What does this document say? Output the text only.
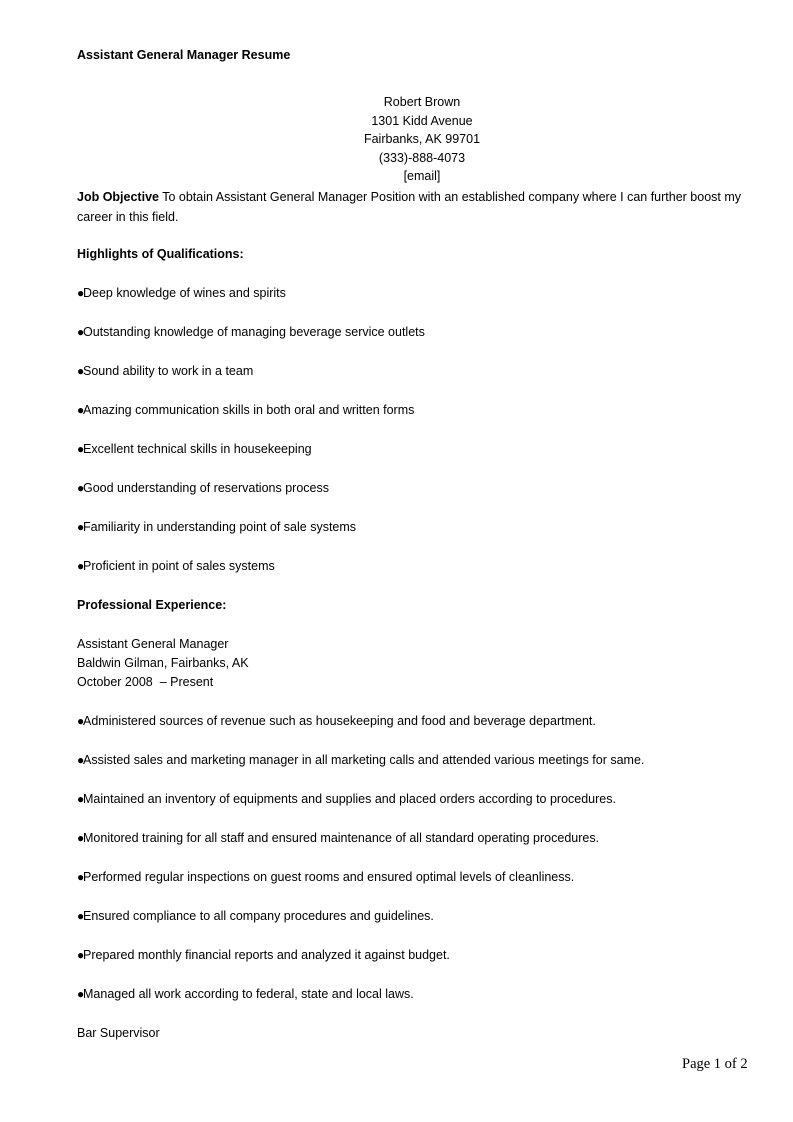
Assistant General Manager Resume
Robert Brown
1301 Kidd Avenue
Fairbanks, AK 99701
(333)-888-4073
[email]
Job Objective To obtain Assistant General Manager Position with an established company where I can further boost my career in this field.
Highlights of Qualifications:
●Deep knowledge of wines and spirits
●Outstanding knowledge of managing beverage service outlets
●Sound ability to work in a team
●Amazing communication skills in both oral and written forms
●Excellent technical skills in housekeeping
●Good understanding of reservations process
●Familiarity in understanding point of sale systems
●Proficient in point of sales systems
Professional Experience:
Assistant General Manager
Baldwin Gilman, Fairbanks, AK
October 2008  – Present
●Administered sources of revenue such as housekeeping and food and beverage department.
●Assisted sales and marketing manager in all marketing calls and attended various meetings for same.
●Maintained an inventory of equipments and supplies and placed orders according to procedures.
●Monitored training for all staff and ensured maintenance of all standard operating procedures.
●Performed regular inspections on guest rooms and ensured optimal levels of cleanliness.
●Ensured compliance to all company procedures and guidelines.
●Prepared monthly financial reports and analyzed it against budget.
●Managed all work according to federal, state and local laws.
Bar Supervisor
Page 1 of 2
